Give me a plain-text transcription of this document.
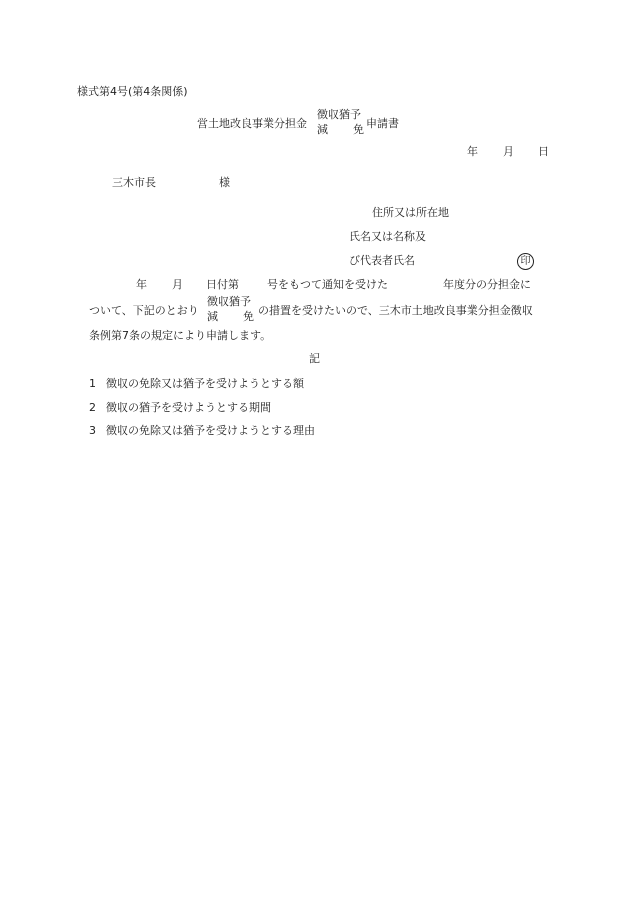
様式第4号(第4条関係)
営土地改良事業分担金
徴収猶予
減 免 申請書
年 月 日
三木市長	様
住所又は所在地
氏名又は名称及
び代表者氏名	印
年 月 日付第	号をもつて通知を受けた	年度分の分担金に
ついて、下記のとおり
徴収猶予
減 免 の措置を受けたいので、三木市土地改良事業分担金徴収
条例第7条の規定により申請します。
記
1 徴収の免除又は猶予を受けようとする額
2 徴収の猶予を受けようとする期間
3 徴収の免除又は猶予を受けようとする理由
